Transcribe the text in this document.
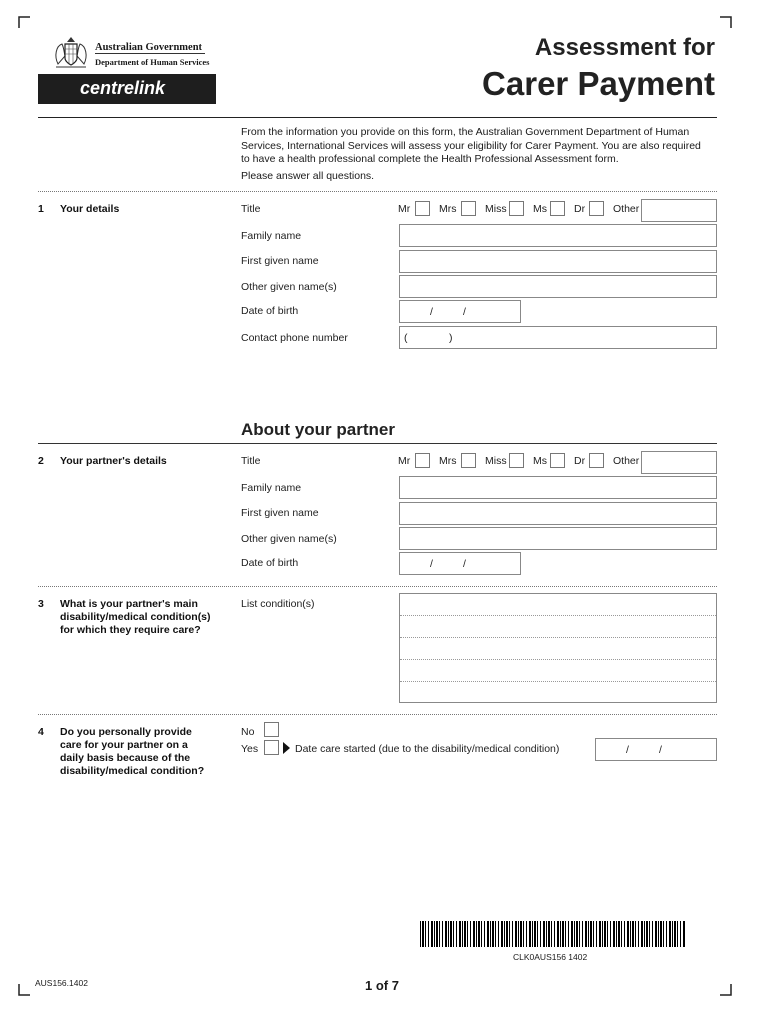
Australian Government
Department of Human Services
centrelink
Assessment for
Carer Payment
From the information you provide on this form, the Australian Government Department of Human
Services, International Services will assess your eligibility for Carer Payment. You are also required
to have a health professional complete the Health Professional Assessment form.
Please answer all questions.
1 Your details	Title	Mr	Mrs	Miss	Ms	Dr	Other
Family name
First given name
Other given name(s)
Date of birth	/	/
Contact phone number	(	)
About your partner
2 Your partner's details	Title	Mr	Mrs	Miss	Ms	Dr	Other
Family name
First given name
Other given name(s)
Date of birth	/	/
3 What is your partner's main
disability/medical condition(s)
for which they require care?
List condition(s)
4 Do you personally provide
care for your partner on a
daily basis because of the
disability/medical condition?
No
Yes	Date care started (due to the disability/medical condition)	/	/
CLK0AUS156 1402
AUS156.1402	1 of 7
